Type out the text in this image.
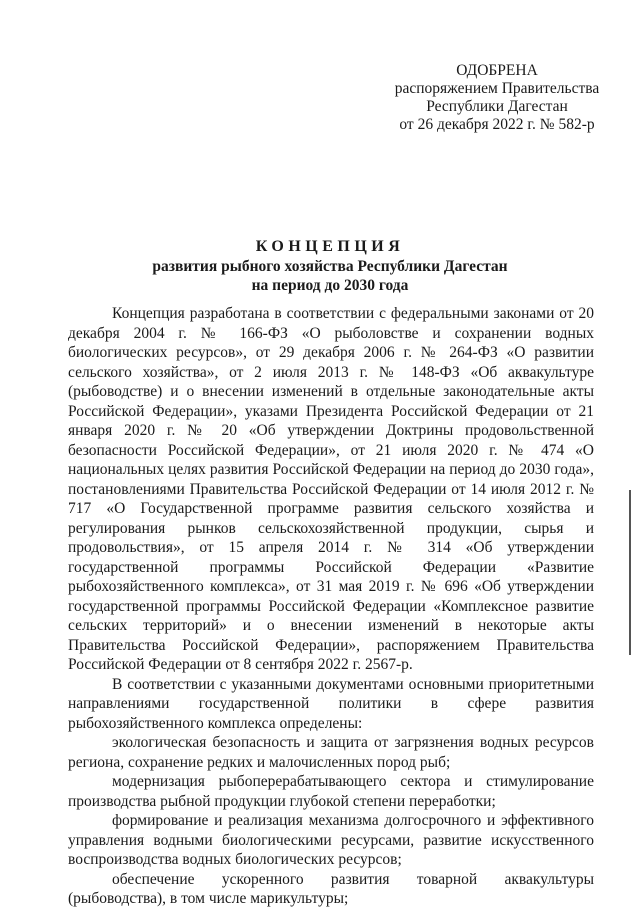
ОДОБРЕНА
распоряжением Правительства
Республики Дагестан
от 26 декабря 2022 г. № 582-р
КОНЦЕПЦИЯ
развития рыбного хозяйства Республики Дагестан
на период до 2030 года

Концепция разработана в соответствии с федеральными законами от 20 декабря 2004 г. № 166-ФЗ «О рыболовстве и сохранении водных биологических ресурсов», от 29 декабря 2006 г. № 264-ФЗ «О развитии сельского хозяйства», от 2 июля 2013 г. № 148-ФЗ «Об аквакультуре (рыбоводстве) и о внесении изменений в отдельные законодательные акты Российской Федерации», указами Президента Российской Федерации от 21 января 2020 г. № 20 «Об утверждении Доктрины продовольственной безопасности Российской Федерации», от 21 июля 2020 г. № 474 «О национальных целях развития Российской Федерации на период до 2030 года», постановлениями Правительства Российской Федерации от 14 июля 2012 г. № 717 «О Государственной программе развития сельского хозяйства и регулирования рынков сельскохозяйственной продукции, сырья и продовольствия», от 15 апреля 2014 г. № 314 «Об утверждении государственной программы Российской Федерации «Развитие рыбохозяйственного комплекса», от 31 мая 2019 г. № 696 «Об утверждении государственной программы Российской Федерации «Комплексное развитие сельских территорий» и о внесении изменений в некоторые акты Правительства Российской Федерации», распоряжением Правительства Российской Федерации от 8 сентября 2022 г. 2567-р.

В соответствии с указанными документами основными приоритетными направлениями государственной политики в сфере развития рыбохозяйственного комплекса определены:

экологическая безопасность и защита от загрязнения водных ресурсов региона, сохранение редких и малочисленных пород рыб;

модернизация рыбоперерабатывающего сектора и стимулирование производства рыбной продукции глубокой степени переработки;

формирование и реализация механизма долгосрочного и эффективного управления водными биологическими ресурсами, развитие искусственного воспроизводства водных биологических ресурсов;

обеспечение ускоренного развития товарной аквакультуры (рыбоводства), в том числе марикультуры;
